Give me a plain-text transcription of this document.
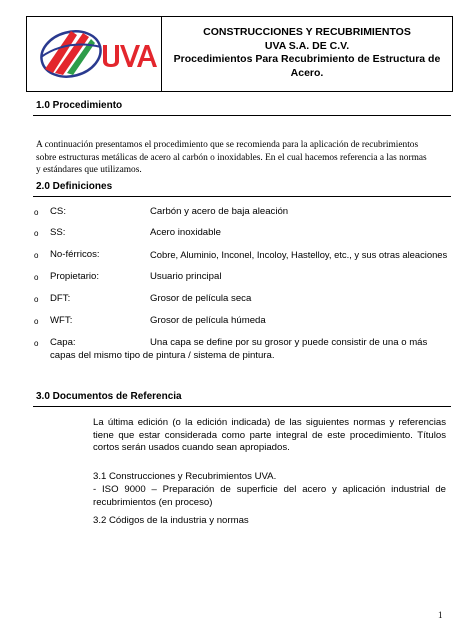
UVA
CONSTRUCCIONES Y RECUBRIMIENTOS
UVA S.A. DE C.V.
Procedimientos Para Recubrimiento de Estructura de
Acero.
1.0 Procedimiento
A continuación presentamos el procedimiento que se recomienda para la aplicación de recubrimientos
sobre estructuras metálicas de acero al carbón o inoxidables. En el cual hacemos referencia a las normas
y estándares que utilizamos.
2.0 Definiciones
o CS:	Carbón y acero de baja aleación
o SS:	Acero inoxidable
o No-férricos:	Cobre, Aluminio, Inconel, Incoloy, Hastelloy, etc., y sus otras aleaciones
o Propietario:	Usuario principal
o DFT:	Grosor de película seca
o WFT:	Grosor de película húmeda
o Capa:	Una capa se define por su grosor y puede consistir de una o más capas del mismo tipo de pintura / sistema de pintura.
3.0 Documentos de Referencia
La última edición (o la edición indicada) de las siguientes normas y referencias tiene que estar considerada como parte integral de este procedimiento. Títulos cortos serán usados cuando sean apropiados.
3.1 Construcciones y Recubrimientos UVA.
- ISO 9000 – Preparación de superficie del acero y aplicación industrial de recubrimientos (en proceso)
3.2 Códigos de la industria y normas
1
